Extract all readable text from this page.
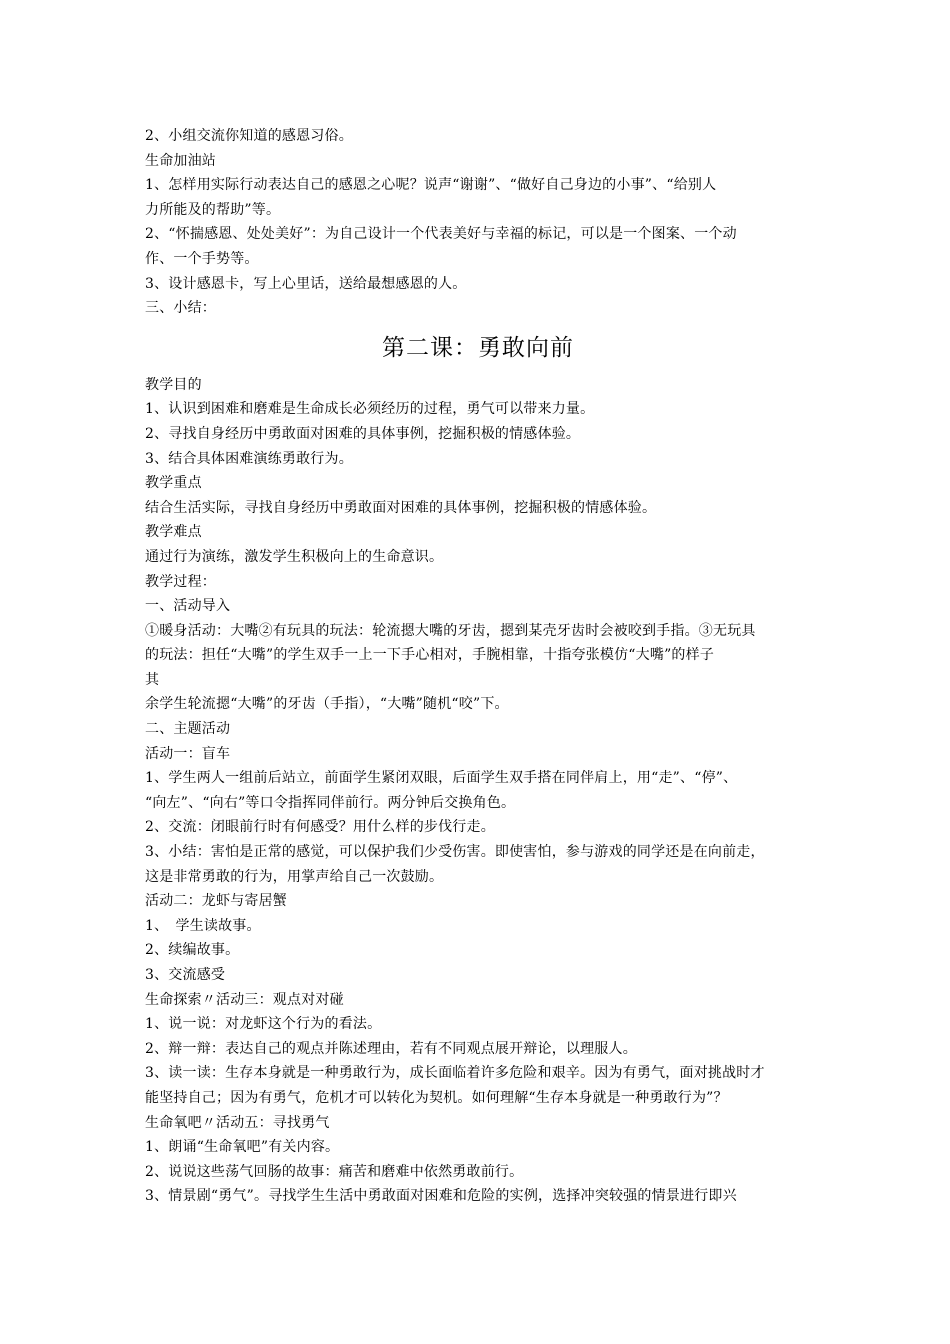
2、小组交流你知道的感恩习俗。
生命加油站
1、怎样用实际行动表达自己的感恩之心呢？说声“谢谢”、“做好自己身边的小事”、“给别人
力所能及的帮助”等。
2、“怀揣感恩、处处美好”：为自己设计一个代表美好与幸福的标记，可以是一个图案、一个动
作、一个手势等。
3、设计感恩卡，写上心里话，送给最想感恩的人。
三、小结：
第二课：勇敢向前
教学目的
1、认识到困难和磨难是生命成长必须经历的过程，勇气可以带来力量。
2、寻找自身经历中勇敢面对困难的具体事例，挖掘积极的情感体验。
3、结合具体困难演练勇敢行为。
教学重点
结合生活实际，寻找自身经历中勇敢面对困难的具体事例，挖掘积极的情感体验。
教学难点
通过行为演练，激发学生积极向上的生命意识。
教学过程：
一、活动导入
①暖身活动：大嘴②有玩具的玩法：轮流摁大嘴的牙齿，摁到某壳牙齿时会被咬到手指。③无玩具
的玩法：担任“大嘴”的学生双手一上一下手心相对，手腕相靠，十指夸张模仿“大嘴”的样子
其
余学生轮流摁“大嘴”的牙齿（手指），“大嘴”随机“咬”下。
二、主题活动
活动一：盲车
1、学生两人一组前后站立，前面学生紧闭双眼，后面学生双手搭在同伴肩上，用“走”、“停”、
“向左”、“向右”等口令指挥同伴前行。两分钟后交换角色。
2、交流：闭眼前行时有何感受？用什么样的步伐行走。
3、小结：害怕是正常的感觉，可以保护我们少受伤害。即使害怕，参与游戏的同学还是在向前走，
这是非常勇敢的行为，用掌声给自己一次鼓励。
活动二：龙虾与寄居蟹
1、　学生读故事。
2、续编故事。
3、交流感受
生命探索〃活动三：观点对对碰
1、说一说：对龙虾这个行为的看法。
2、辩一辩：表达自己的观点并陈述理由，若有不同观点展开辩论，以理服人。
3、读一读：生存本身就是一种勇敢行为，成长面临着许多危险和艰辛。因为有勇气，面对挑战时才
能坚持自己；因为有勇气，危机才可以转化为契机。如何理解“生存本身就是一种勇敢行为”？
生命氧吧〃活动五：寻找勇气
1、朗诵“生命氧吧”有关内容。
2、说说这些荡气回肠的故事：痛苦和磨难中依然勇敢前行。
3、情景剧“勇气”。寻找学生生活中勇敢面对困难和危险的实例，选择冲突较强的情景进行即兴
